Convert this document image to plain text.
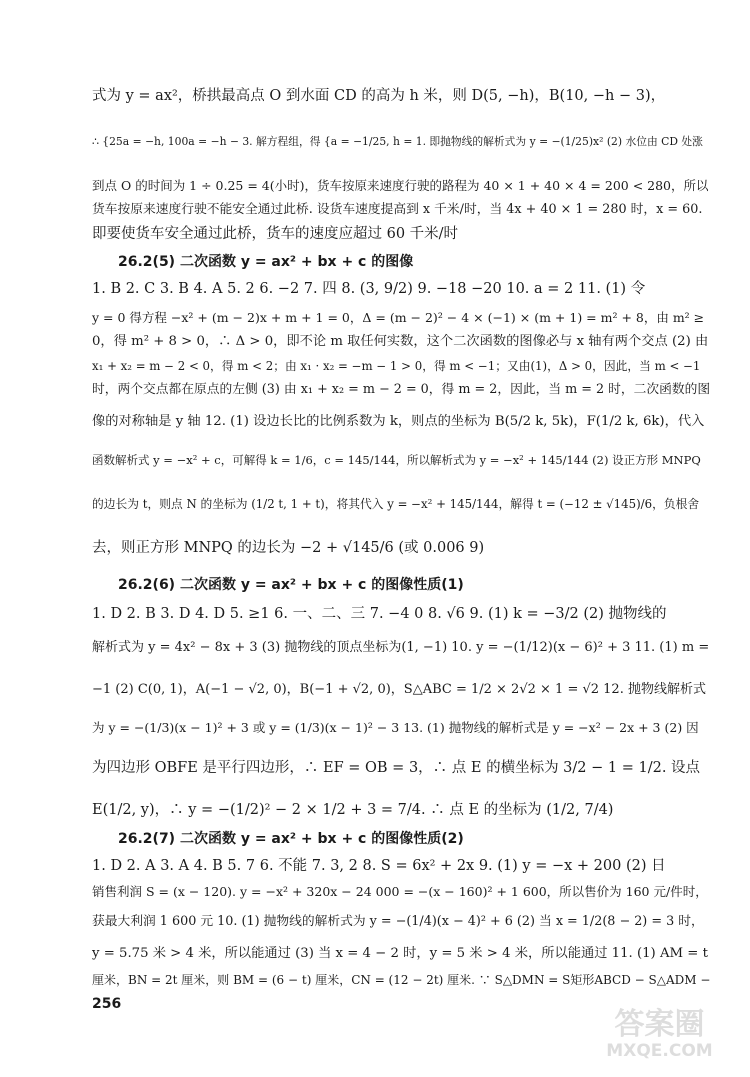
式为 y = ax²，桥拱最高点 O 到水面 CD 的高为 h 米，则 D(5, −h)，B(10, −h − 3)，
∴ {25a = −h, 100a = −h − 3. 解方程组，得 {a = −1/25, h = 1. 即抛物线的解析式为 y = −(1/25)x² (2) 水位由 CD 处涨
到点 O 的时间为 1 ÷ 0.25 = 4(小时)，货车按原来速度行驶的路程为 40 × 1 + 40 × 4 = 200 < 280，所以
货车按原来速度行驶不能安全通过此桥. 设货车速度提高到 x 千米/时，当 4x + 40 × 1 = 280 时，x = 60.
即要使货车安全通过此桥，货车的速度应超过 60 千米/时
26.2(5) 二次函数 y = ax² + bx + c 的图像
1. B 2. C 3. B 4. A 5. 2 6. −2 7. 四 8. (3, 9/2) 9. −18 −20 10. a = 2 11. (1) 令
y = 0 得方程 −x² + (m − 2)x + m + 1 = 0，Δ = (m − 2)² − 4 × (−1) × (m + 1) = m² + 8，由 m² ≥
0，得 m² + 8 > 0，∴ Δ > 0，即不论 m 取任何实数，这个二次函数的图像必与 x 轴有两个交点 (2) 由
x₁ + x₂ = m − 2 < 0，得 m < 2；由 x₁ · x₂ = −m − 1 > 0，得 m < −1；又由(1)，Δ > 0，因此，当 m < −1
时，两个交点都在原点的左侧 (3) 由 x₁ + x₂ = m − 2 = 0，得 m = 2，因此，当 m = 2 时，二次函数的图
像的对称轴是 y 轴 12. (1) 设边长比的比例系数为 k，则点的坐标为 B(5/2 k, 5k)，F(1/2 k, 6k)，代入
函数解析式 y = −x² + c，可解得 k = 1/6，c = 145/144，所以解析式为 y = −x² + 145/144 (2) 设正方形 MNPQ
的边长为 t，则点 N 的坐标为 (1/2 t, 1 + t)，将其代入 y = −x² + 145/144，解得 t = (−12 ± √145)/6，负根舍
去，则正方形 MNPQ 的边长为 −2 + √145/6 (或 0.006 9)
26.2(6) 二次函数 y = ax² + bx + c 的图像性质(1)
1. D 2. B 3. D 4. D 5. ≥1 6. 一、二、三 7. −4 0 8. √6 9. (1) k = −3/2 (2) 抛物线的
解析式为 y = 4x² − 8x + 3 (3) 抛物线的顶点坐标为(1, −1) 10. y = −(1/12)(x − 6)² + 3 11. (1) m =
−1 (2) C(0, 1)，A(−1 − √2, 0)，B(−1 + √2, 0)，S△ABC = 1/2 × 2√2 × 1 = √2 12. 抛物线解析式
为 y = −(1/3)(x − 1)² + 3 或 y = (1/3)(x − 1)² − 3 13. (1) 抛物线的解析式是 y = −x² − 2x + 3 (2) 因
为四边形 OBFE 是平行四边形，∴ EF = OB = 3，∴ 点 E 的横坐标为 3/2 − 1 = 1/2. 设点
E(1/2, y)，∴ y = −(1/2)² − 2 × 1/2 + 3 = 7/4. ∴ 点 E 的坐标为 (1/2, 7/4)
26.2(7) 二次函数 y = ax² + bx + c 的图像性质(2)
1. D 2. A 3. A 4. B 5. 7 6. 不能 7. 3, 2 8. S = 6x² + 2x 9. (1) y = −x + 200 (2) 日
销售利润 S = (x − 120). y = −x² + 320x − 24 000 = −(x − 160)² + 1 600，所以售价为 160 元/件时，
获最大利润 1 600 元 10. (1) 抛物线的解析式为 y = −(1/4)(x − 4)² + 6 (2) 当 x = 1/2(8 − 2) = 3 时，
y = 5.75 米 > 4 米，所以能通过 (3) 当 x = 4 − 2 时，y = 5 米 > 4 米，所以能通过 11. (1) AM = t
厘米，BN = 2t 厘米，则 BM = (6 − t) 厘米，CN = (12 − 2t) 厘米. ∵ S△DMN = S矩形ABCD − S△ADM −
256
答案圈
MXQE.COM
